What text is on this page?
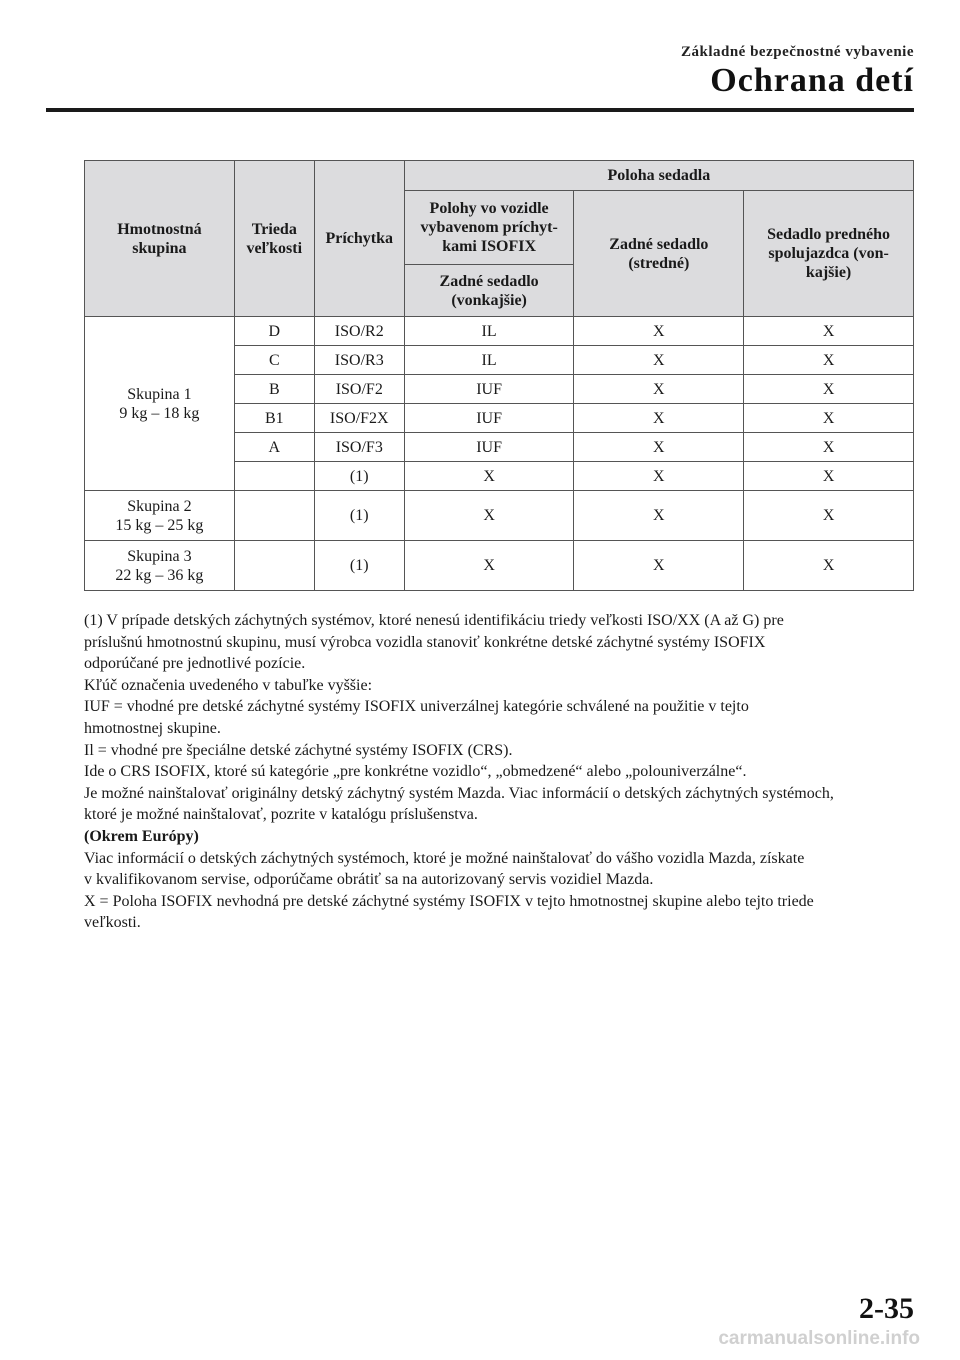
Základné bezpečnostné vybavenie
Ochrana detí
Hmotnostná skupina	Trieda veľkosti	Príchytka	Poloha sedadla		
			Polohy vo vozidle vybavenom príchyt-kami ISOFIX	Zadné sedadlo (stredné)	Sedadlo predného spolujazdca (von-kajšie)
			Zadné sedadlo (vonkajšie)		
Skupina 1
9 kg – 18 kg	D	ISO/R2	IL	X	X
	C	ISO/R3	IL	X	X
	B	ISO/F2	IUF	X	X
	B1	ISO/F2X	IUF	X	X
	A	ISO/F3	IUF	X	X
		(1)	X	X	X
Skupina 2
15 kg – 25 kg		(1)	X	X	X
Skupina 3
22 kg – 36 kg		(1)	X	X	X

(1) V prípade detských záchytných systémov, ktoré nenesú identifikáciu triedy veľkosti ISO/XX (A až G) pre

príslušnú hmotnostnú skupinu, musí výrobca vozidla stanoviť konkrétne detské záchytné systémy ISOFIX

odporúčané pre jednotlivé pozície.

Kľúč označenia uvedeného v tabuľke vyššie:

IUF = vhodné pre detské záchytné systémy ISOFIX univerzálnej kategórie schválené na použitie v tejto

hmotnostnej skupine.

Il = vhodné pre špeciálne detské záchytné systémy ISOFIX (CRS).

Ide o CRS ISOFIX, ktoré sú kategórie „pre konkrétne vozidlo“, „obmedzené“ alebo „polouniverzálne“.

Je možné nainštalovať originálny detský záchytný systém Mazda. Viac informácií o detských záchytných systémoch,

ktoré je možné nainštalovať, pozrite v katalógu príslušenstva.

(Okrem Európy)

Viac informácií o detských záchytných systémoch, ktoré je možné nainštalovať do vášho vozidla Mazda, získate

v kvalifikovanom servise, odporúčame obrátiť sa na autorizovaný servis vozidiel Mazda.

X = Poloha ISOFIX nevhodná pre detské záchytné systémy ISOFIX v tejto hmotnostnej skupine alebo tejto triede

veľkosti.

2-35
carmanualsonline.info
